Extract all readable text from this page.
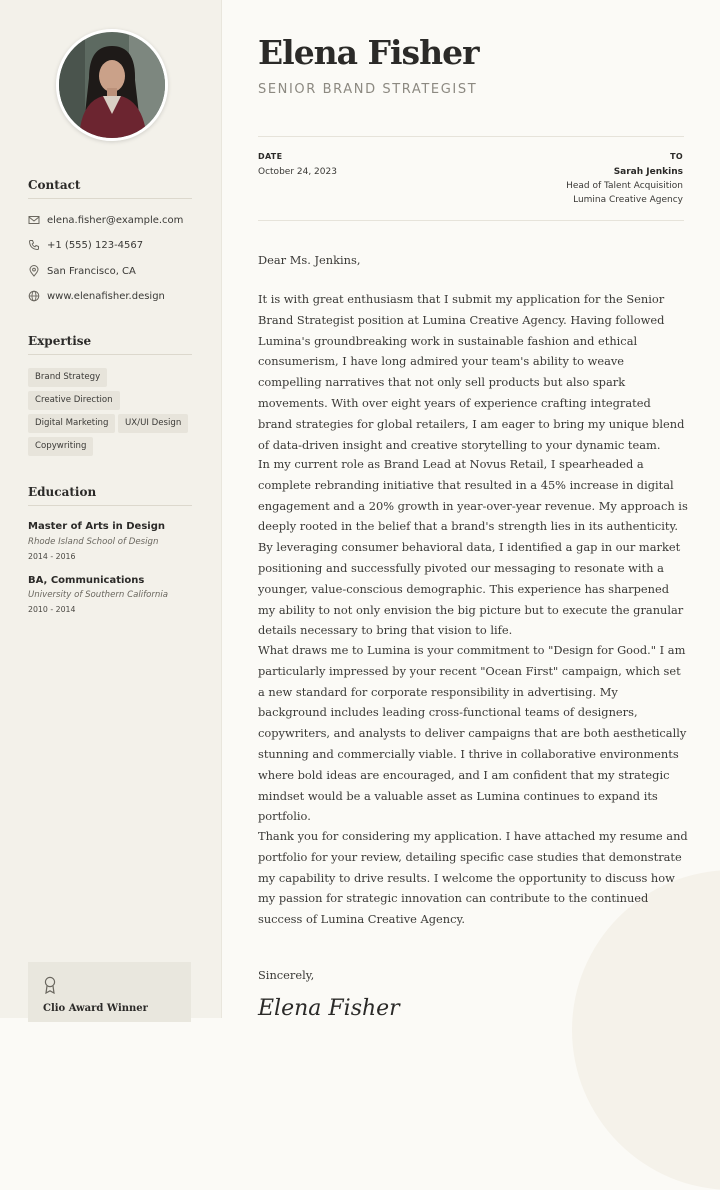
Contact
elena.fisher@example.com
+1 (555) 123-4567
San Francisco, CA
www.elenafisher.design
Expertise
Brand Strategy
Creative Direction
Digital Marketing	UX/UI Design
Copywriting
Education
Master of Arts in Design
Rhode Island School of Design
2014 - 2016
BA, Communications
University of Southern California
2010 - 2014
Clio Award Winner
Elena Fisher
SENIOR BRAND STRATEGIST
DATE
October 24, 2023
TO
Sarah Jenkins
Head of Talent Acquisition
Lumina Creative Agency
Dear Ms. Jenkins,

It is with great enthusiasm that I submit my application for the Senior Brand Strategist position at Lumina Creative Agency. Having followed Lumina's groundbreaking work in sustainable fashion and ethical consumerism, I have long admired your team's ability to weave compelling narratives that not only sell products but also spark movements. With over eight years of experience crafting integrated brand strategies for global retailers, I am eager to bring my unique blend of data-driven insight and creative storytelling to your dynamic team.

In my current role as Brand Lead at Novus Retail, I spearheaded a complete rebranding initiative that resulted in a 45% increase in digital engagement and a 20% growth in year-over-year revenue. My approach is deeply rooted in the belief that a brand's strength lies in its authenticity. By leveraging consumer behavioral data, I identified a gap in our market positioning and successfully pivoted our messaging to resonate with a younger, value-conscious demographic. This experience has sharpened my ability to not only envision the big picture but to execute the granular details necessary to bring that vision to life.

What draws me to Lumina is your commitment to "Design for Good." I am particularly impressed by your recent "Ocean First" campaign, which set a new standard for corporate responsibility in advertising. My background includes leading cross-functional teams of designers, copywriters, and analysts to deliver campaigns that are both aesthetically stunning and commercially viable. I thrive in collaborative environments where bold ideas are encouraged, and I am confident that my strategic mindset would be a valuable asset as Lumina continues to expand its portfolio.

Thank you for considering my application. I have attached my resume and portfolio for your review, detailing specific case studies that demonstrate my capability to drive results. I welcome the opportunity to discuss how my passion for strategic innovation can contribute to the continued success of Lumina Creative Agency.

Sincerely,
Elena Fisher
